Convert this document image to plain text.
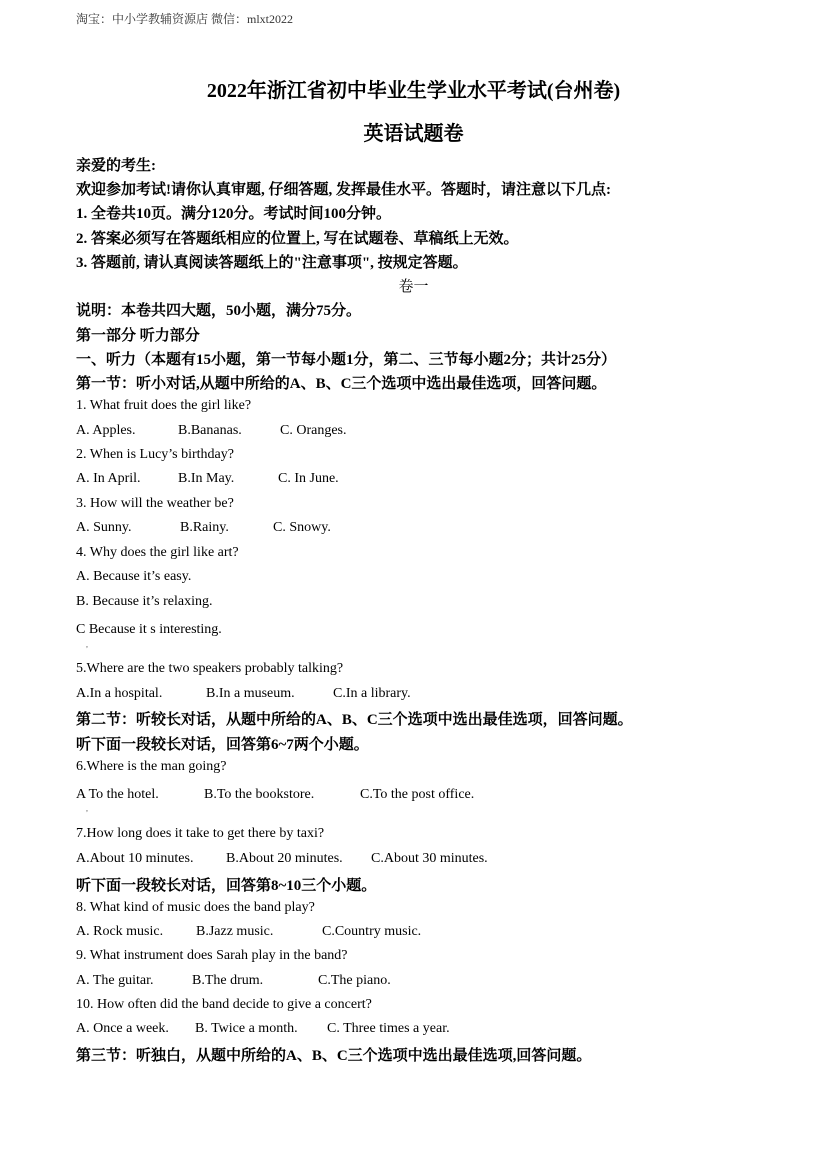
淘宝：中小学教辅资源店 微信：mlxt2022
2022年浙江省初中毕业生学业水平考试(台州卷)
英语试题卷
亲爱的考生:
欢迎参加考试!请你认真审题, 仔细答题, 发挥最佳水平。答题时，请注意以下几点:
1. 全卷共10页。满分120分。考试时间100分钟。
2. 答案必须写在答题纸相应的位置上, 写在试题卷、草稿纸上无效。
3. 答题前, 请认真阅读答题纸上的"注意事项", 按规定答题。
卷一
说明：本卷共四大题，50小题，满分75分。
第一部分 听力部分
一、听力（本题有15小题，第一节每小题1分，第二、三节每小题2分；共计25分）
第一节：听小对话,从题中所给的A、B、C三个选项中选出最佳选项，回答问题。
1. What fruit does the girl like?
A. Apples.	B.Bananas.	C. Oranges.
2. When is Lucy’s birthday?
A. In April.	B.In May.	C. In June.
3. How will the weather be?
A. Sunny.	B.Rainy.	C. Snowy.
4. Why does the girl like art?
A. Because it’s easy.
B. Because it’s relaxing.
C Because it s interesting.
,
5.Where are the two speakers probably talking?
A.In a hospital.	B.In a museum.	C.In a library.
第二节：听较长对话，从题中所给的A、B、C三个选项中选出最佳选项，回答问题。
听下面一段较长对话，回答第6~7两个小题。
6.Where is the man going?
A To the hotel.	B.To the bookstore.	C.To the post office.
,
7.How long does it take to get there by taxi?
A.About 10 minutes. B.About 20 minutes. C.About 30 minutes.
听下面一段较长对话，回答第8~10三个小题。
8. What kind of music does the band play?
A. Rock music. B.Jazz music.	C.Country music.
9. What instrument does Sarah play in the band?
A. The guitar.	B.The drum.	C.The piano.
10. How often did the band decide to give a concert?
A. Once a week. B. Twice a month. C. Three times a year.
第三节：听独白，从题中所给的A、B、C三个选项中选出最佳选项,回答问题。
